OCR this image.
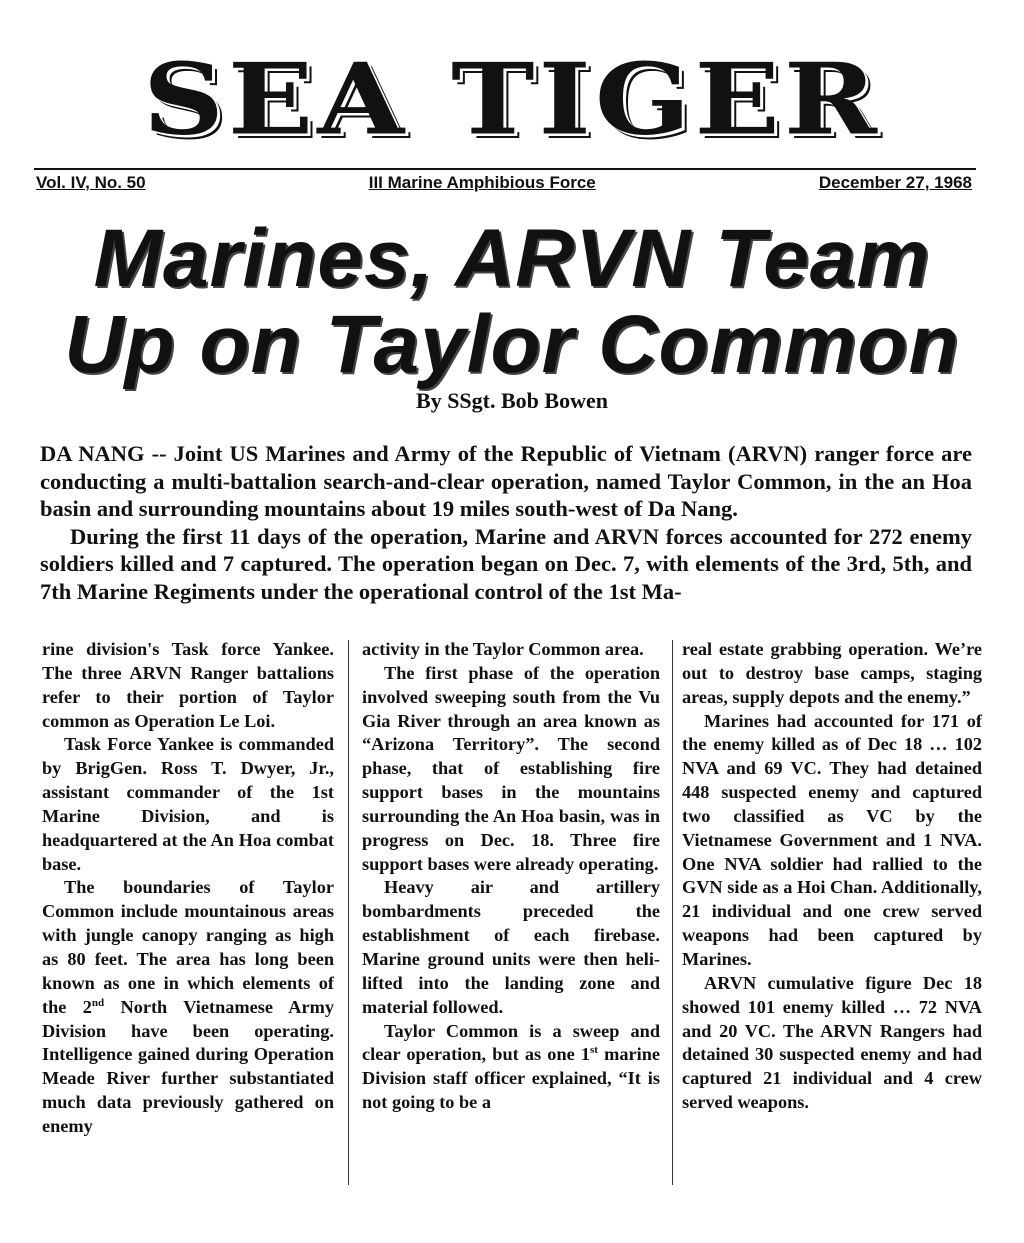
SEA TIGER
Vol. IV, No. 50	III Marine Amphibious Force	December 27, 1968
Marines, ARVN Team
Up on Taylor Common
By SSgt. Bob Bowen

DA NANG -- Joint US Marines and Army of the Republic of Vietnam (ARVN) ranger force are conducting a multi-battalion search-and-clear operation, named Taylor Common, in the an Hoa basin and surrounding mountains about 19 miles south-west of Da Nang.

During the first 11 days of the operation, Marine and ARVN forces accounted for 272 enemy soldiers killed and 7 captured. The operation began on Dec. 7, with elements of the 3rd, 5th, and 7th Marine Regiments under the operational control of the 1st Ma-

rine division's Task force Yankee. The three ARVN Ranger battalions refer to their portion of Taylor common as Operation Le Loi.

Task Force Yankee is commanded by BrigGen. Ross T. Dwyer, Jr., assistant commander of the 1st Marine Division, and is headquartered at the An Hoa combat base.

The boundaries of Taylor Common include mountainous areas with jungle canopy ranging as high as 80 feet. The area has long been known as one in which elements of the 2nd North Vietnamese Army Division have been operating. Intelligence gained during Operation Meade River further substantiated much data previously gathered on enemy

activity in the Taylor Common area.

The first phase of the operation involved sweeping south from the Vu Gia River through an area known as “Arizona Territory”. The second phase, that of establishing fire support bases in the mountains surrounding the An Hoa basin, was in progress on Dec. 18. Three fire support bases were already operating.

Heavy air and artillery bombardments preceded the establishment of each firebase. Marine ground units were then heli-lifted into the landing zone and material followed.

Taylor Common is a sweep and clear operation, but as one 1st marine Division staff officer explained, “It is not going to be a

real estate grabbing operation. We’re out to destroy base camps, staging areas, supply depots and the enemy.”

Marines had accounted for 171 of the enemy killed as of Dec 18 … 102 NVA and 69 VC. They had detained 448 suspected enemy and captured two classified as VC by the Vietnamese Government and 1 NVA. One NVA soldier had rallied to the GVN side as a Hoi Chan. Additionally, 21 individual and one crew served weapons had been captured by Marines.

ARVN cumulative figure Dec 18 showed 101 enemy killed … 72 NVA and 20 VC. The ARVN Rangers had detained 30 suspected enemy and had captured 21 individual and 4 crew served weapons.
